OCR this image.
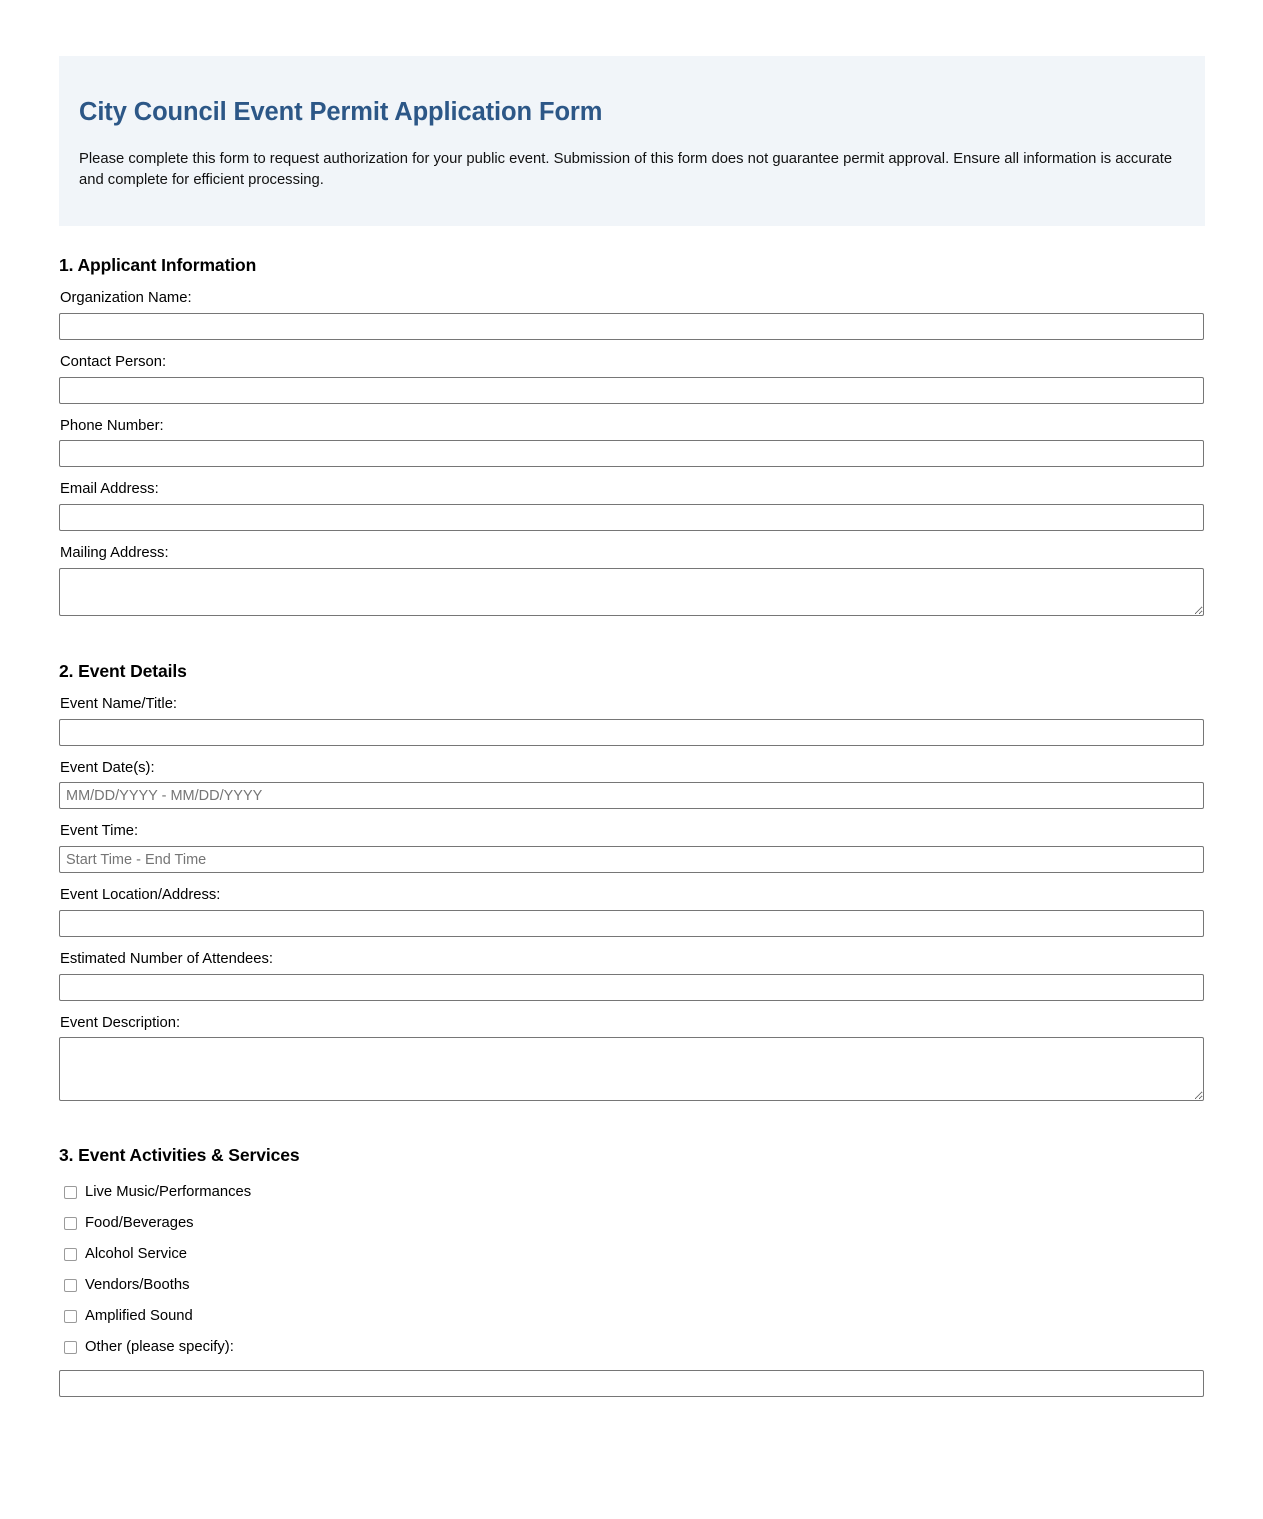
City Council Event Permit Application Form

Please complete this form to request authorization for your public event. Submission of this form does not guarantee permit approval. Ensure all information is accurate and complete for efficient processing.

1. Applicant Information
Organization Name:
Contact Person:
Phone Number:
Email Address:
Mailing Address:
2. Event Details
Event Name/Title:
Event Date(s):
MM/DD/YYYY - MM/DD/YYYY
Event Time:
Start Time - End Time
Event Location/Address:
Estimated Number of Attendees:
Event Description:
3. Event Activities & Services
Live Music/Performances
Food/Beverages
Alcohol Service
Vendors/Booths
Amplified Sound
Other (please specify):
